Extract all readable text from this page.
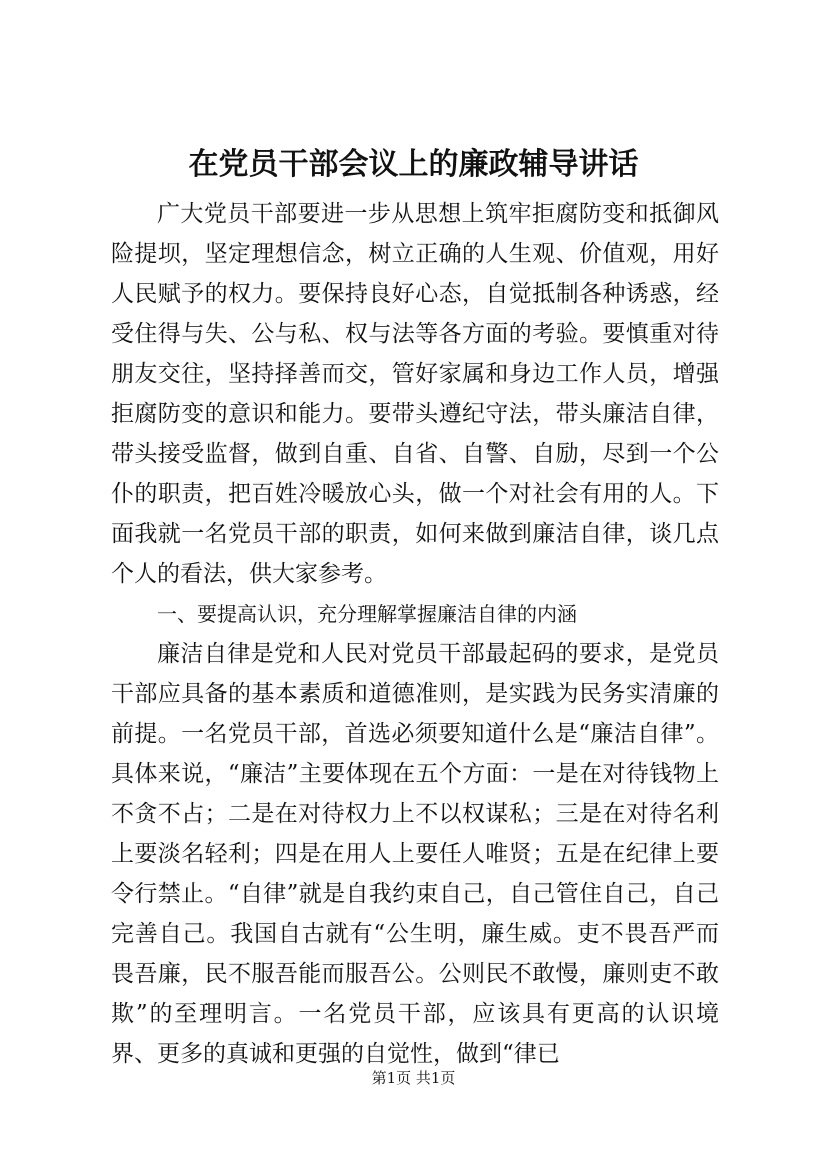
在党员干部会议上的廉政辅导讲话

广大党员干部要进一步从思想上筑牢拒腐防变和抵御风险提坝，坚定理想信念，树立正确的人生观、价值观，用好人民赋予的权力。要保持良好心态，自觉抵制各种诱惑，经受住得与失、公与私、权与法等各方面的考验。要慎重对待朋友交往，坚持择善而交，管好家属和身边工作人员，增强拒腐防变的意识和能力。要带头遵纪守法，带头廉洁自律，带头接受监督，做到自重、自省、自警、自励，尽到一个公仆的职责，把百姓冷暖放心头，做一个对社会有用的人。下面我就一名党员干部的职责，如何来做到廉洁自律，谈几点个人的看法，供大家参考。

一、要提高认识，充分理解掌握廉洁自律的内涵

廉洁自律是党和人民对党员干部最起码的要求，是党员干部应具备的基本素质和道德准则，是实践为民务实清廉的前提。一名党员干部，首选必须要知道什么是“廉洁自律”。具体来说，“廉洁”主要体现在五个方面：一是在对待钱物上不贪不占；二是在对待权力上不以权谋私；三是在对待名利上要淡名轻利；四是在用人上要任人唯贤；五是在纪律上要令行禁止。“自律”就是自我约束自己，自己管住自己，自己完善自己。我国自古就有“公生明，廉生威。吏不畏吾严而畏吾廉，民不服吾能而服吾公。公则民不敢慢，廉则吏不敢欺”的至理明言。一名党员干部，应该具有更高的认识境界、更多的真诚和更强的自觉性，做到“律已

第1页 共1页
